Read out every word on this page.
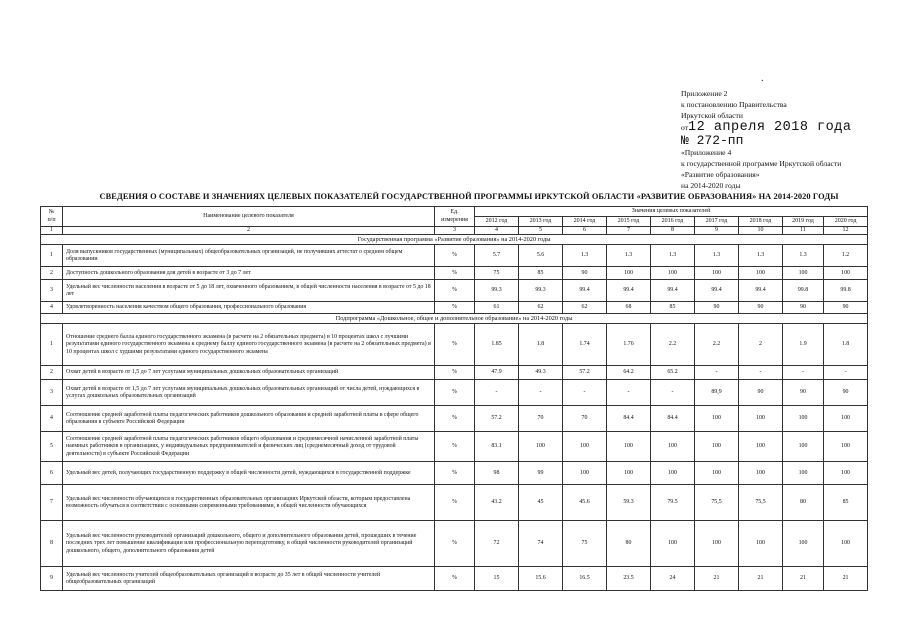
.
Приложение 2
к постановлению Правительства
Иркутской области
от12 апреля 2018 года
№ 272-пп
«Приложение 4
к государственной программе Иркутской области
«Развитие образования»
на 2014-2020 годы
СВЕДЕНИЯ О СОСТАВЕ И ЗНАЧЕНИЯХ ЦЕЛЕВЫХ ПОКАЗАТЕЛЕЙ ГОСУДАРСТВЕННОЙ ПРОГРАММЫ ИРКУТСКОЙ ОБЛАСТИ «РАЗВИТИЕ ОБРАЗОВАНИЯ» НА 2014-2020 ГОДЫ
№
п/п	Наименование целевого показателя	Ед.
измерения	Значения целевых показателей								
			2012 год	2013 год	2014 год	2015 год	2016 год	2017 год	2018 год	2019 год	2020 год
1	2	3	4	5	6	7	8	9	10	11	12
Государственная программа «Развитие образования» на 2014-2020 годы											
1	Доля выпускников государственных (муниципальных) общеобразовательных организаций, не получивших аттестат о среднем общем образовании	%	5.7	5.6	1.3	1.3	1.3	1.3	1.3	1.3	1.2
2	Доступность дошкольного образования для детей в возрасте от 3 до 7 лет	%	75	85	90	100	100	100	100	100	100
3	Удельный вес численности населения в возрасте от 5 до 18 лет, охваченного образованием, в общей численности населения в возрасте от 5 до 18 лет	%	99.3	99.3	99.4	99.4	99.4	99.4	99.4	99.8	99.8
4	Удовлетворенность населения качеством общего образования, профессионального образования	%	61	62	62	68	85	90	90	90	90
Подпрограмма «Дошкольное, общее и дополнительное образование» на 2014-2020 годы											
1	Отношение среднего балла единого государственного экзамена (в расчете на 2 обязательных предмета) в 10 процентах школ с лучшими результатами единого государственного экзамена к среднему баллу единого государственного экзамена (в расчете на 2 обязательных предмета) в 10 процентах школ с худшими результатами единого государственного экзамена	%	1.85	1.8	1.74	1.76	2.2	2.2	2	1.9	1.8
2	Охват детей в возрасте от 1,5 до 7 лет услугами муниципальных дошкольных образовательных организаций	%	47.9	49.3	57.2	64.2	65.2	-	-	-	-
3	Охват детей в возрасте от 1,5 до 7 лет услугами муниципальных дошкольных образовательных организаций от числа детей, нуждающихся в услугах дошкольных образовательных организаций	%	-	-	-	-	-	89,9	90	90	90
4	Соотношение средней заработной платы педагогических работников дошкольного образования и средней заработной платы в сфере общего образования в субъекте Российской Федерации	%	57.2	70	70	84.4	84.4	100	100	100	100
5	Соотношение средней заработной платы педагогических работников общего образования и среднемесячной начисленной заработной платы наемных работников в организациях, у индивидуальных предпринимателей и физических лиц (среднемесячный доход от трудовой деятельности) в субъекте Российской Федерации	%	83.1	100	100	100	100	100	100	100	100
6	Удельный вес детей, получающих государственную поддержку в общей численности детей, нуждающихся в государственной поддержке	%	98	99	100	100	100	100	100	100	100
7	Удельный вес численности обучающихся в государственных образовательных организациях Иркутской области, которым предоставлена возможность обучаться в соответствии с основными современными требованиями, в общей численности обучающихся	%	43.2	45	45.6	59.3	79.5	75,5	75,5	80	85
8	Удельный вес численности руководителей организаций дошкольного, общего и дополнительного образования детей, прошедших в течение последних трех лет повышение квалификации или профессиональную переподготовку, в общей численности руководителей организаций дошкольного, общего, дополнительного образования детей	%	72	74	75	80	100	100	100	100	100
9	Удельный вес численности учителей общеобразовательных организаций в возрасте до 35 лет в общей численности учителей общеобразовательных организаций	%	15	15.6	16.5	23.5	24	21	21	21	21
